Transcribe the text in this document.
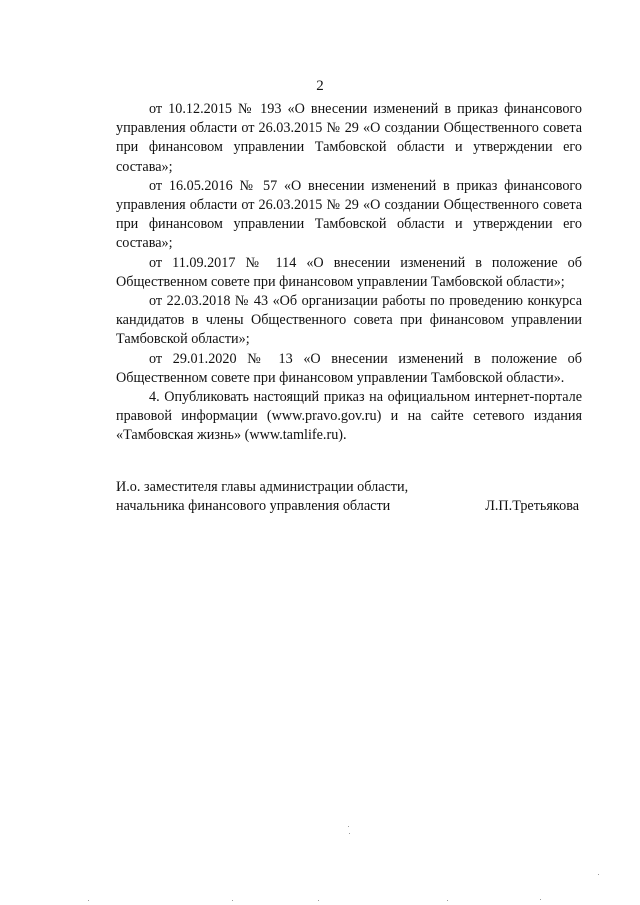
2

от 10.12.2015 № 193 «О внесении изменений в приказ финансового управления области от 26.03.2015 № 29 «О создании Общественного совета при финансовом управлении Тамбовской области и утверждении его состава»;

от 16.05.2016 № 57 «О внесении изменений в приказ финансового управления области от 26.03.2015 № 29 «О создании Общественного совета при финансовом управлении Тамбовской области и утверждении его состава»;

от 11.09.2017 № 114 «О внесении изменений в положение об Общественном совете при финансовом управлении Тамбовской области»;

от 22.03.2018 № 43 «Об организации работы по проведению конкурса кандидатов в члены Общественного совета при финансовом управлении Тамбовской области»;

от 29.01.2020 № 13 «О внесении изменений в положение об Общественном совете при финансовом управлении Тамбовской области».

4. Опубликовать настоящий приказ на официальном интернет-портале правовой информации (www.pravo.gov.ru) и на сайте сетевого издания «Тамбовская жизнь» (www.tamlife.ru).

И.о. заместителя главы администрации области,
начальника финансового управления области	Л.П.Третьякова
